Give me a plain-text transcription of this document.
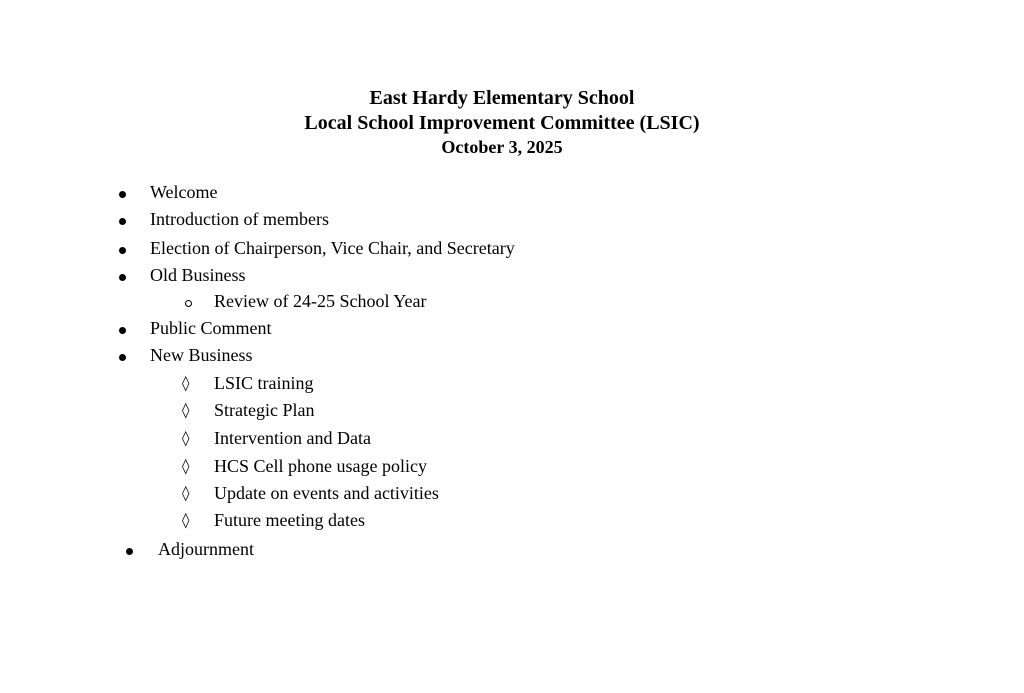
East Hardy Elementary School
Local School Improvement Committee (LSIC)
October 3, 2025
Welcome
Introduction of members
Election of Chairperson, Vice Chair, and Secretary
Old Business
Review of 24-25 School Year
Public Comment
New Business
◊ LSIC training
◊ Strategic Plan
◊ Intervention and Data
◊ HCS Cell phone usage policy
◊ Update on events and activities
◊ Future meeting dates
Adjournment
